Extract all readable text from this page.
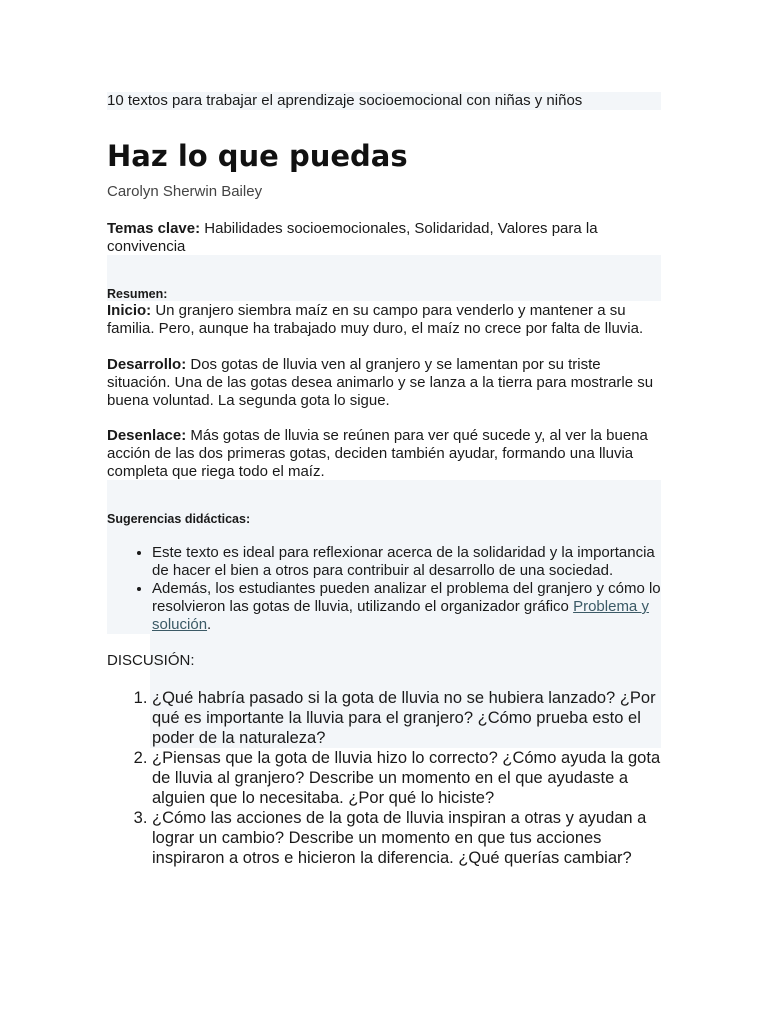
10 textos para trabajar el aprendizaje socioemocional con niñas y niños
Haz lo que puedas
Carolyn Sherwin Bailey
Temas clave: Habilidades socioemocionales, Solidaridad, Valores para la convivencia
Resumen:
Inicio: Un granjero siembra maíz en su campo para venderlo y mantener a su familia. Pero, aunque ha trabajado muy duro, el maíz no crece por falta de lluvia.
Desarrollo: Dos gotas de lluvia ven al granjero y se lamentan por su triste situación. Una de las gotas desea animarlo y se lanza a la tierra para mostrarle su buena voluntad. La segunda gota lo sigue.
Desenlace: Más gotas de lluvia se reúnen para ver qué sucede y, al ver la buena acción de las dos primeras gotas, deciden también ayudar, formando una lluvia completa que riega todo el maíz.
Sugerencias didácticas:
• Este texto es ideal para reflexionar acerca de la solidaridad y la importancia de hacer el bien a otros para contribuir al desarrollo de una sociedad.
• Además, los estudiantes pueden analizar el problema del granjero y cómo lo resolvieron las gotas de lluvia, utilizando el organizador gráfico Problema y solución.
DISCUSIÓN:
1. ¿Qué habría pasado si la gota de lluvia no se hubiera lanzado? ¿Por qué es importante la lluvia para el granjero? ¿Cómo prueba esto el poder de la naturaleza?
2. ¿Piensas que la gota de lluvia hizo lo correcto? ¿Cómo ayuda la gota de lluvia al granjero? Describe un momento en el que ayudaste a alguien que lo necesitaba. ¿Por qué lo hiciste?
3. ¿Cómo las acciones de la gota de lluvia inspiran a otras y ayudan a lograr un cambio? Describe un momento en que tus acciones inspiraron a otros e hicieron la diferencia. ¿Qué querías cambiar?
